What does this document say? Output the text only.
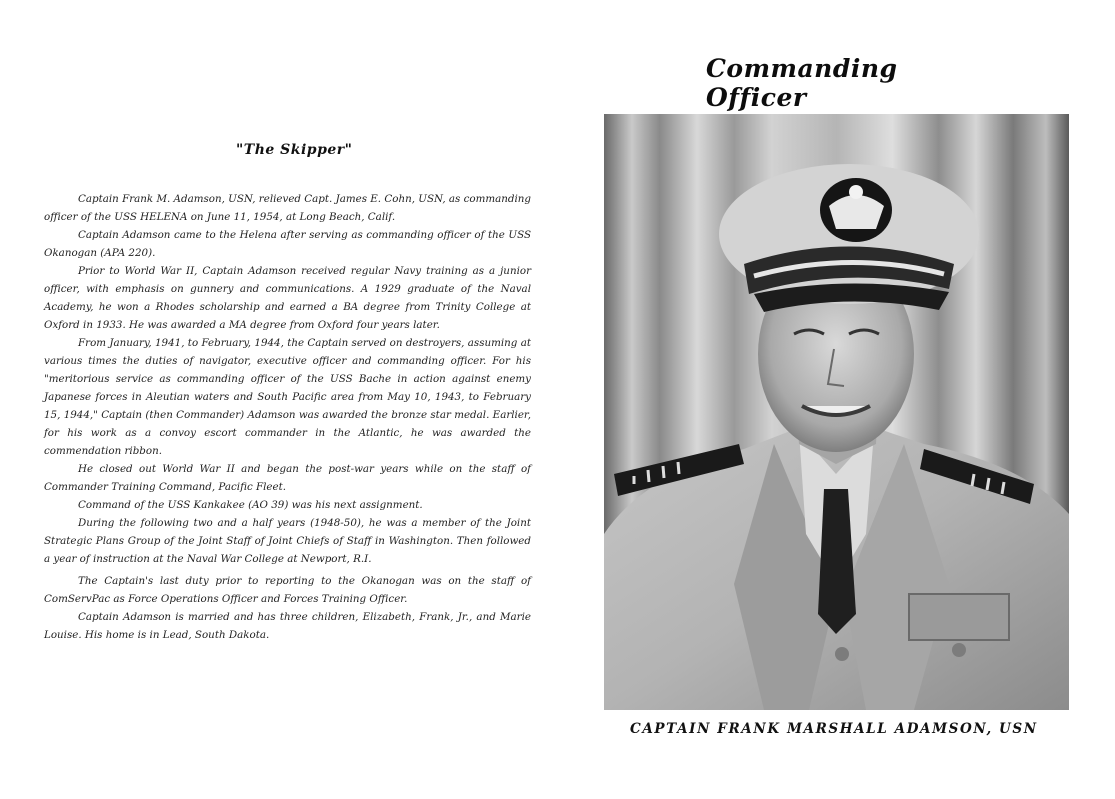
"The Skipper"

Captain Frank M. Adamson, USN, relieved Capt. James E. Cohn, USN, as commanding officer of the USS HELENA on June 11, 1954, at Long Beach, Calif.

Captain Adamson came to the Helena after serving as commanding officer of the USS Okanogan (APA 220).

Prior to World War II, Captain Adamson received regular Navy training as a junior officer, with emphasis on gunnery and communications. A 1929 graduate of the Naval Academy, he won a Rhodes scholarship and earned a BA degree from Trinity College at Oxford in 1933. He was awarded a MA degree from Oxford four years later.

From January, 1941, to February, 1944, the Captain served on destroyers, assuming at various times the duties of navigator, executive officer and commanding officer. For his "meritorious service as commanding officer of the USS Bache in action against enemy Japanese forces in Aleutian waters and South Pacific area from May 10, 1943, to February 15, 1944," Captain (then Commander) Adamson was awarded the bronze star medal. Earlier, for his work as a convoy escort commander in the Atlantic, he was awarded the commendation ribbon.

He closed out World War II and began the post-war years while on the staff of Commander Training Command, Pacific Fleet.

Command of the USS Kankakee (AO 39) was his next assignment.

During the following two and a half years (1948-50), he was a member of the Joint Strategic Plans Group of the Joint Staff of Joint Chiefs of Staff in Washington. Then followed a year of instruction at the Naval War College at Newport, R.I.

The Captain's last duty prior to reporting to the Okanogan was on the staff of ComServPac as Force Operations Officer and Forces Training Officer.

Captain Adamson is married and has three children, Elizabeth, Frank, Jr., and Marie Louise. His home is in Lead, South Dakota.

Commanding Officer
CAPTAIN FRANK MARSHALL ADAMSON, USN
